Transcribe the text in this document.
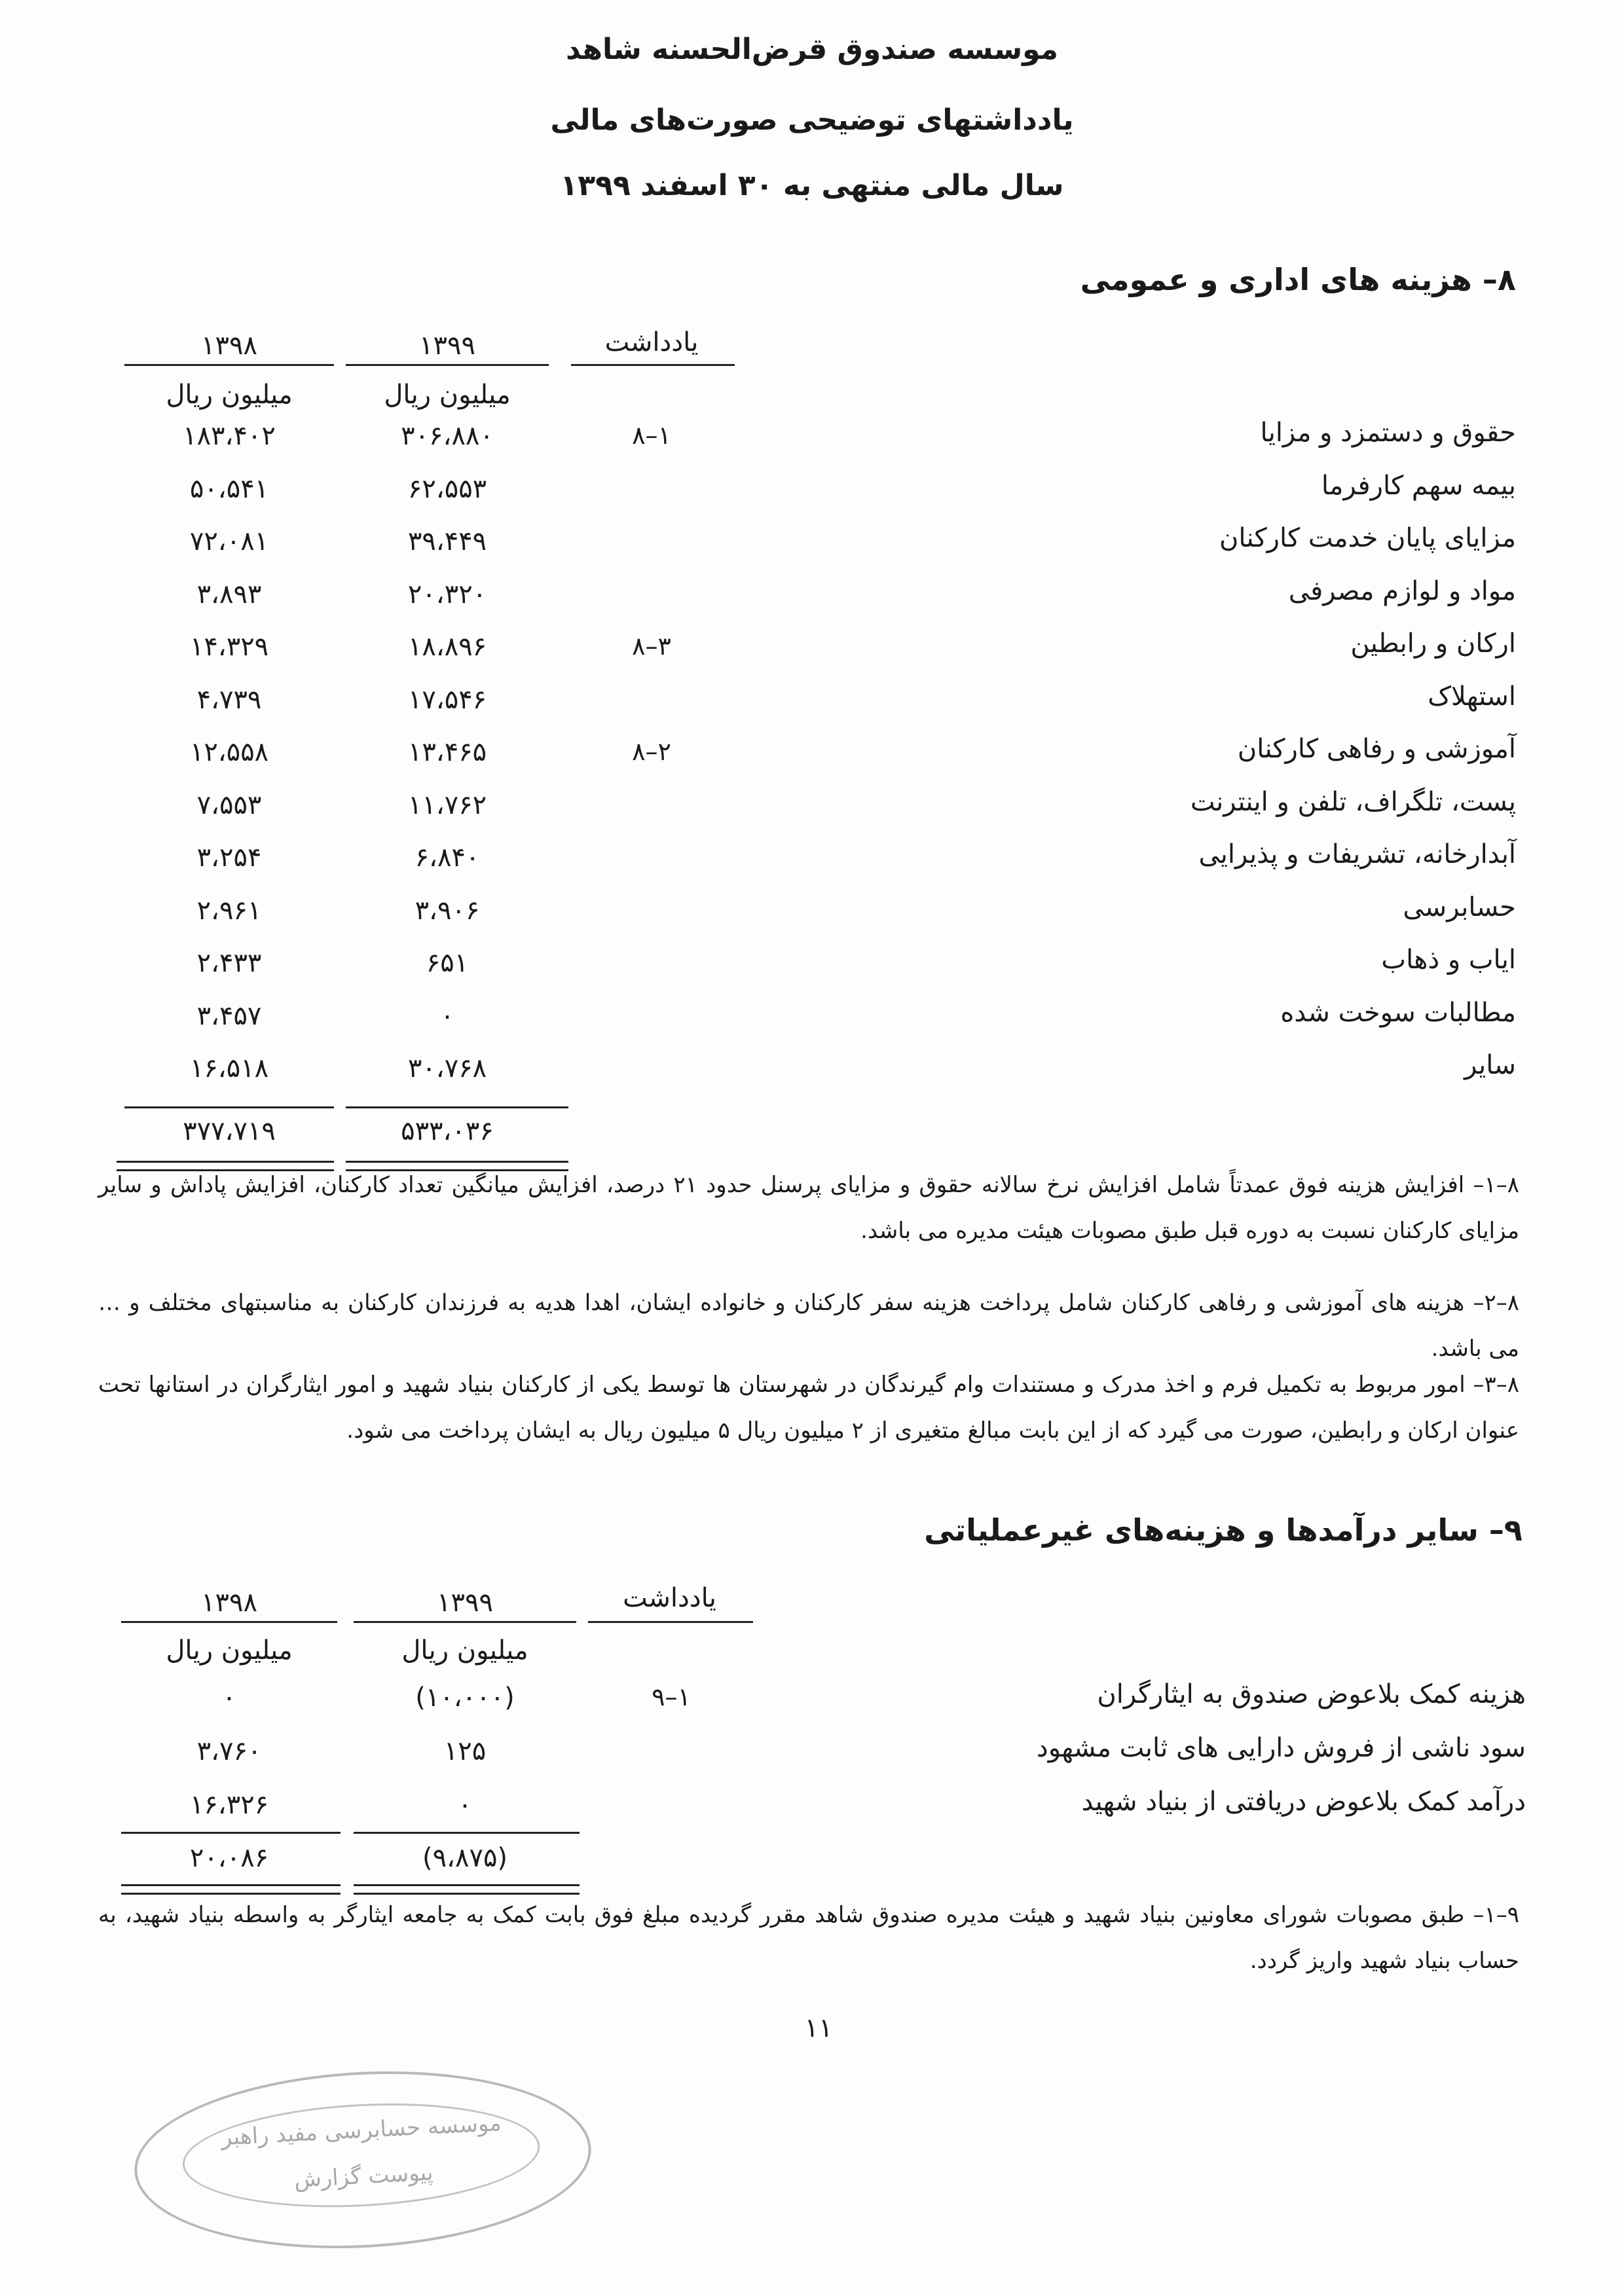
موسسه صندوق قرض‌الحسنه شاهد
یادداشتهای توضیحی صورت‌های مالی
سال مالی منتهی به ۳۰ اسفند ۱۳۹۹
۸– هزینه های اداری و عمومی
یادداشت
۱۳۹۹
۱۳۹۸
میلیون ریال
میلیون ریال
حقوق و دستمزد و مزایا
۸–۱
۳۰۶،۸۸۰
۱۸۳،۴۰۲
بیمه سهم کارفرما
۶۲،۵۵۳
۵۰،۵۴۱
مزایای پایان خدمت کارکنان
۳۹،۴۴۹
۷۲،۰۸۱
مواد و لوازم مصرفی
۲۰،۳۲۰
۳،۸۹۳
ارکان و رابطین
۸–۳
۱۸،۸۹۶
۱۴،۳۲۹
استهلاک
۱۷،۵۴۶
۴،۷۳۹
آموزشی و رفاهی کارکنان
۸–۲
۱۳،۴۶۵
۱۲،۵۵۸
پست، تلگراف، تلفن و اینترنت
۱۱،۷۶۲
۷،۵۵۳
آبدارخانه، تشریفات و پذیرایی
۶،۸۴۰
۳،۲۵۴
حسابرسی
۳،۹۰۶
۲،۹۶۱
ایاب و ذهاب
۶۵۱
۲،۴۳۳
مطالبات سوخت شده
۰
۳،۴۵۷
سایر
۳۰،۷۶۸
۱۶،۵۱۸
۵۳۳،۰۳۶
۳۷۷،۷۱۹
۸–۱– افزایش هزینه فوق عمدتاً شامل افزایش نرخ سالانه حقوق و مزایای پرسنل حدود ۲۱ درصد، افزایش میانگین تعداد کارکنان، افزایش پاداش و سایر مزایای کارکنان نسبت به دوره قبل طبق مصوبات هیئت مدیره می باشد.
۸–۲– هزینه های آموزشی و رفاهی کارکنان شامل پرداخت هزینه سفر کارکنان و خانواده ایشان، اهدا هدیه به فرزندان کارکنان به مناسبتهای مختلف و … می باشد.
۸–۳– امور مربوط به تکمیل فرم و اخذ مدرک و مستندات وام گیرندگان در شهرستان ها توسط یکی از کارکنان بنیاد شهید و امور ایثارگران در استانها تحت عنوان ارکان و رابطین، صورت می گیرد که از این بابت مبالغ متغیری از ۲ میلیون ریال ۵ میلیون ریال به ایشان پرداخت می شود.
۹– سایر درآمدها و هزینه‌های غیرعملیاتی
یادداشت
۱۳۹۹
۱۳۹۸
میلیون ریال
میلیون ریال
هزینه کمک بلاعوض صندوق به ایثارگران
۹–۱
(۱۰،۰۰۰)
۰
سود ناشی از فروش دارایی های ثابت مشهود
۱۲۵
۳،۷۶۰
درآمد کمک بلاعوض دریافتی از بنیاد شهید
۰
۱۶،۳۲۶
(۹،۸۷۵)
۲۰،۰۸۶
۹–۱– طبق مصوبات شورای معاونین بنیاد شهید و هیئت مدیره صندوق شاهد مقرر گردیده مبلغ فوق بابت کمک به جامعه ایثارگر به واسطه بنیاد شهید، به حساب بنیاد شهید واریز گردد.
۱۱
موسسه حسابرسی مفید راهبر
پیوست گزارش
